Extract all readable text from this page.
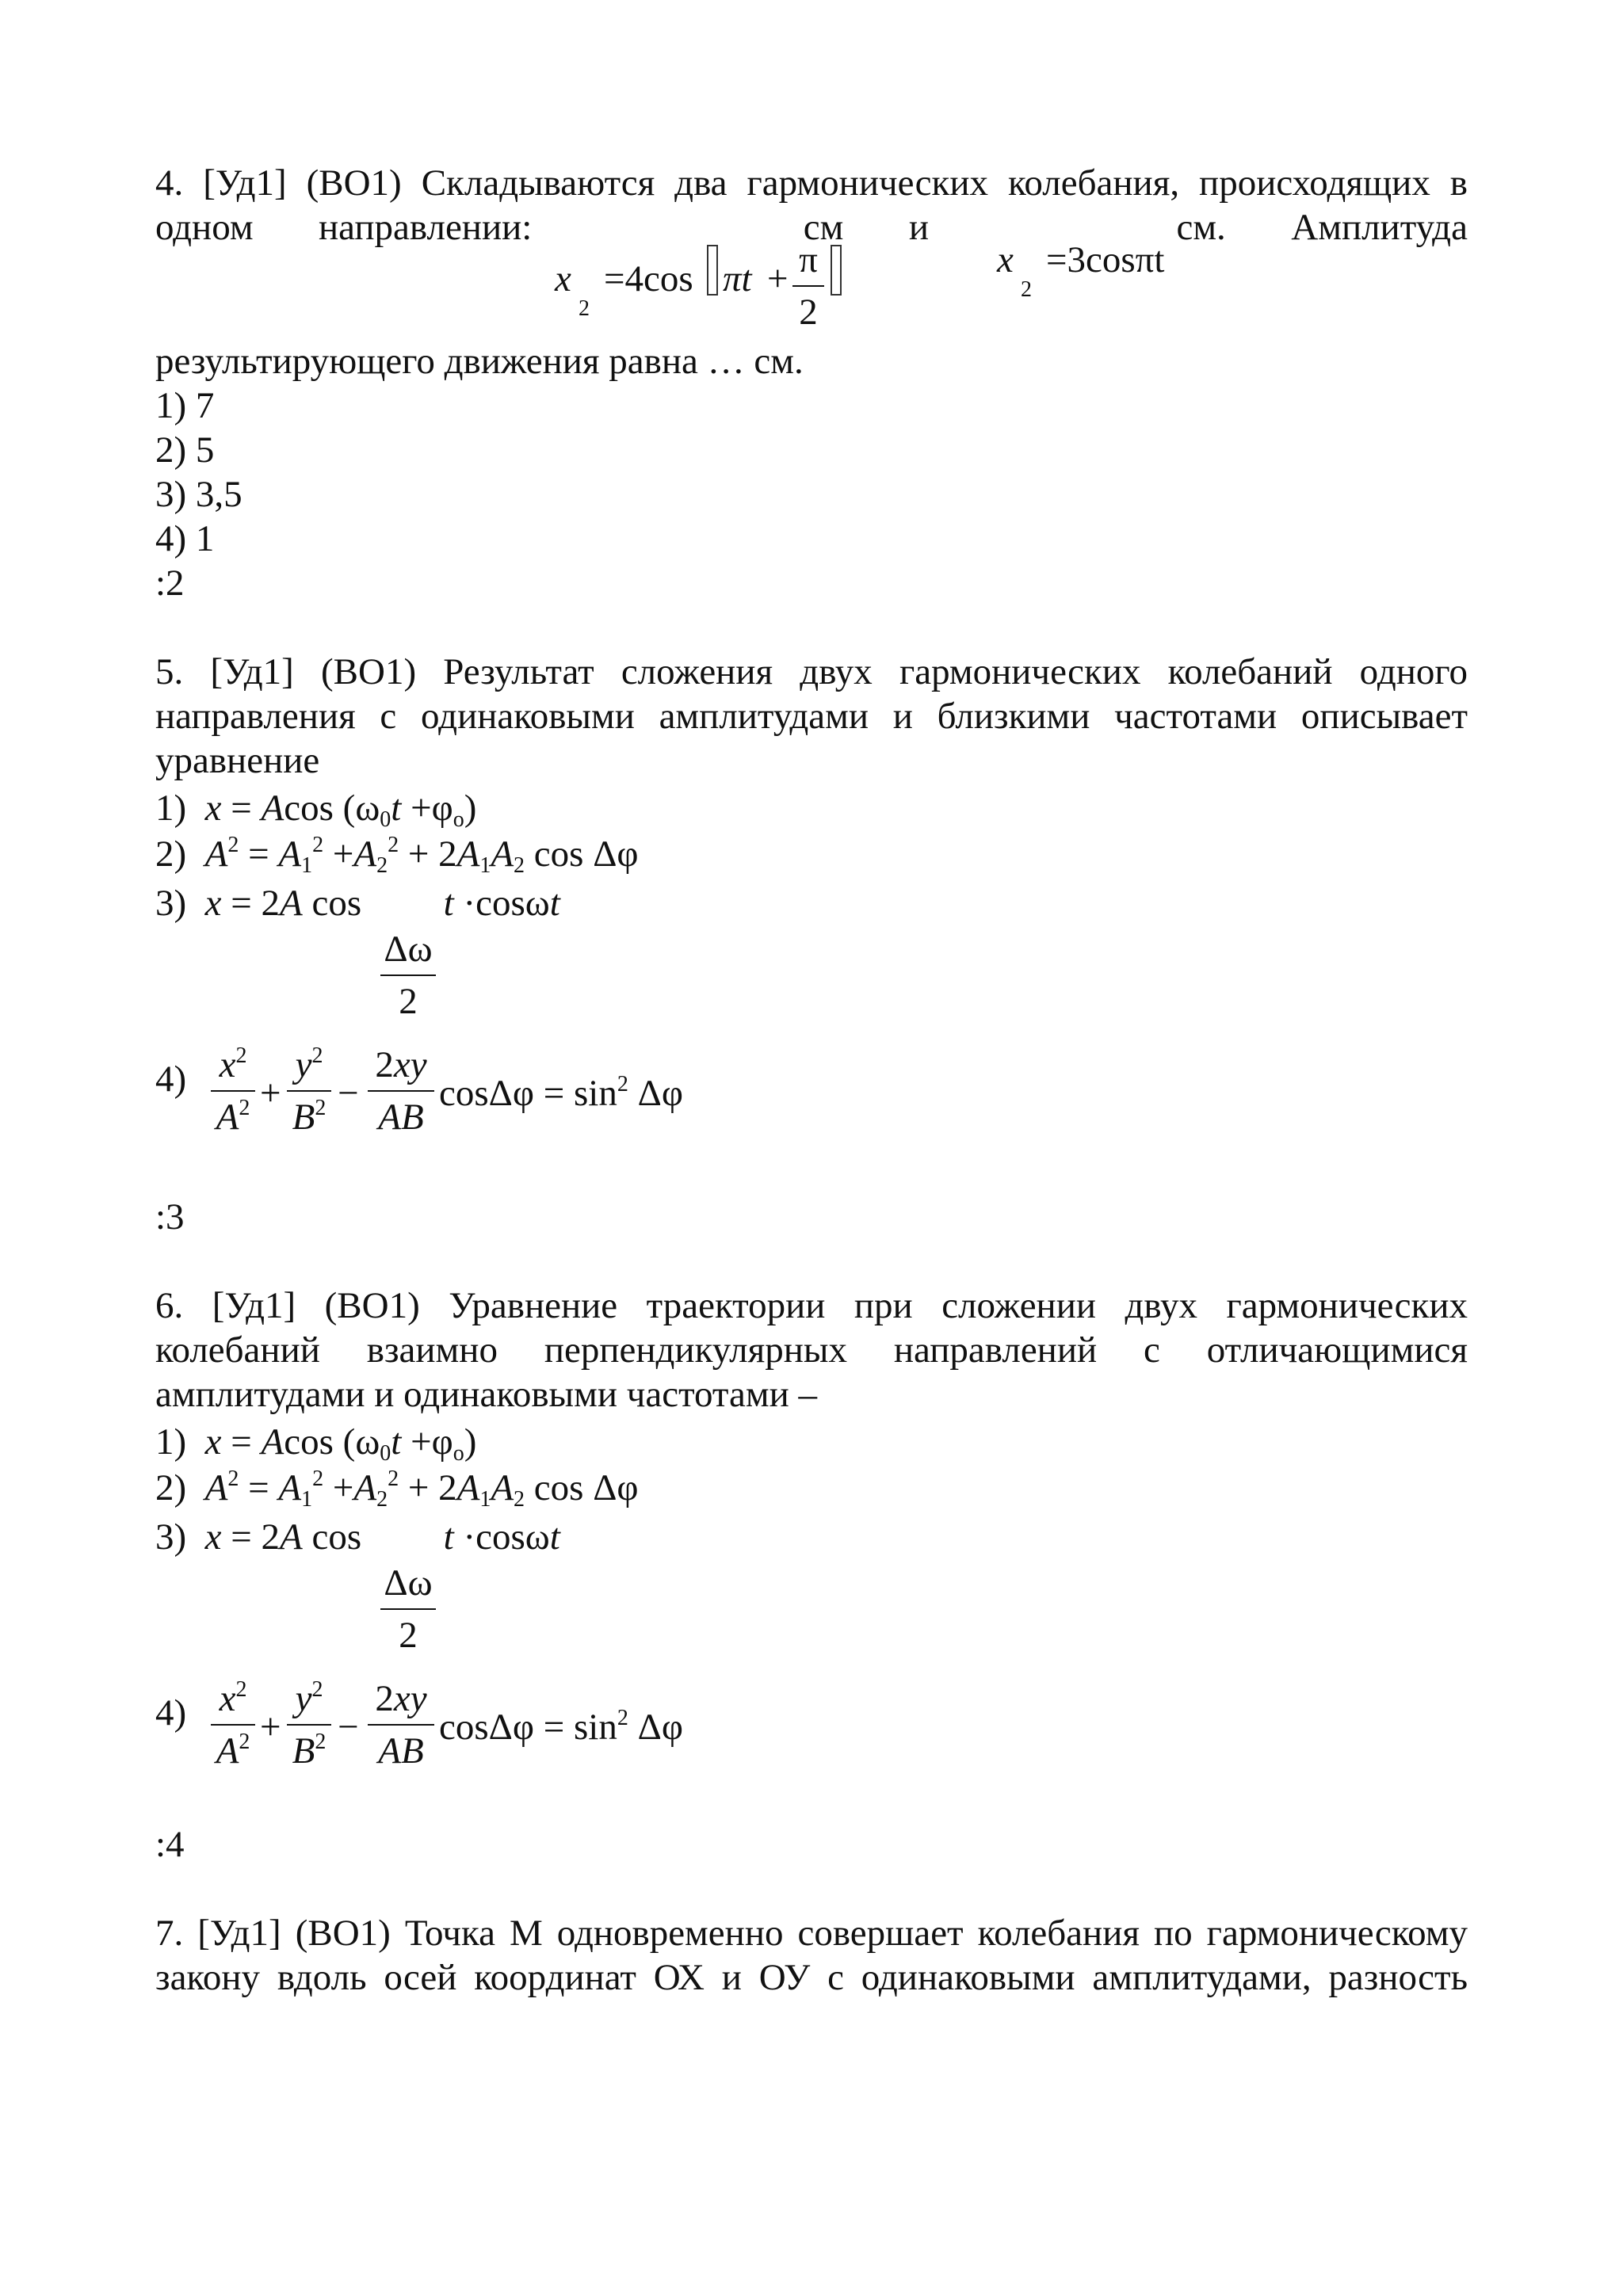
4. [Уд1] (ВО1) Складываются два гармонических колебания, происходящих в
одном направлении:	см и	см. Амплитуда
x
2
=4cos πt + π
2
x
2
=3cosπt
результирующего движения равна … см.
1) 7
2) 5
3) 3,5
4) 1
:2
5. [Уд1] (ВО1) Результат сложения двух гармонических колебаний одного
направления с одинаковыми амплитудами и близкими частотами описывает
уравнение
1) x = Acos $(\omega_0t +\varphi_o)$
2) $A^2 = A_1^2 +A_2^2 + 2A_1A_2$ cos Δφ
3) x = 2A cos  t ·cosωt
Δω
2
4) $x^2$
$A^2$ +
$y^2$
$B^2$ −
2xy
AB
$\cos\Delta\varphi = \sin^2 \Delta\varphi$
:3
6. [Уд1] (ВО1) Уравнение траектории при сложении двух гармонических
колебаний взаимно перпендикулярных направлений с отличающимися
амплитудами и одинаковыми частотами –
1) x = Acos $(\omega_0t +\varphi_o)$
2) $A^2 = A_1^2 +A_2^2 + 2A_1A_2$ cos Δφ
3) x = 2A cos  t ·cosωt
Δω
2
4) $x^2$
$A^2$ +
$y^2$
$B^2$ −
2xy
AB
$\cos\Delta\varphi = \sin^2 \Delta\varphi$
:4
7. [Уд1] (ВО1) Точка М одновременно совершает колебания по гармоническому
закону вдоль осей координат ОХ и ОУ с одинаковыми амплитудами, разность
